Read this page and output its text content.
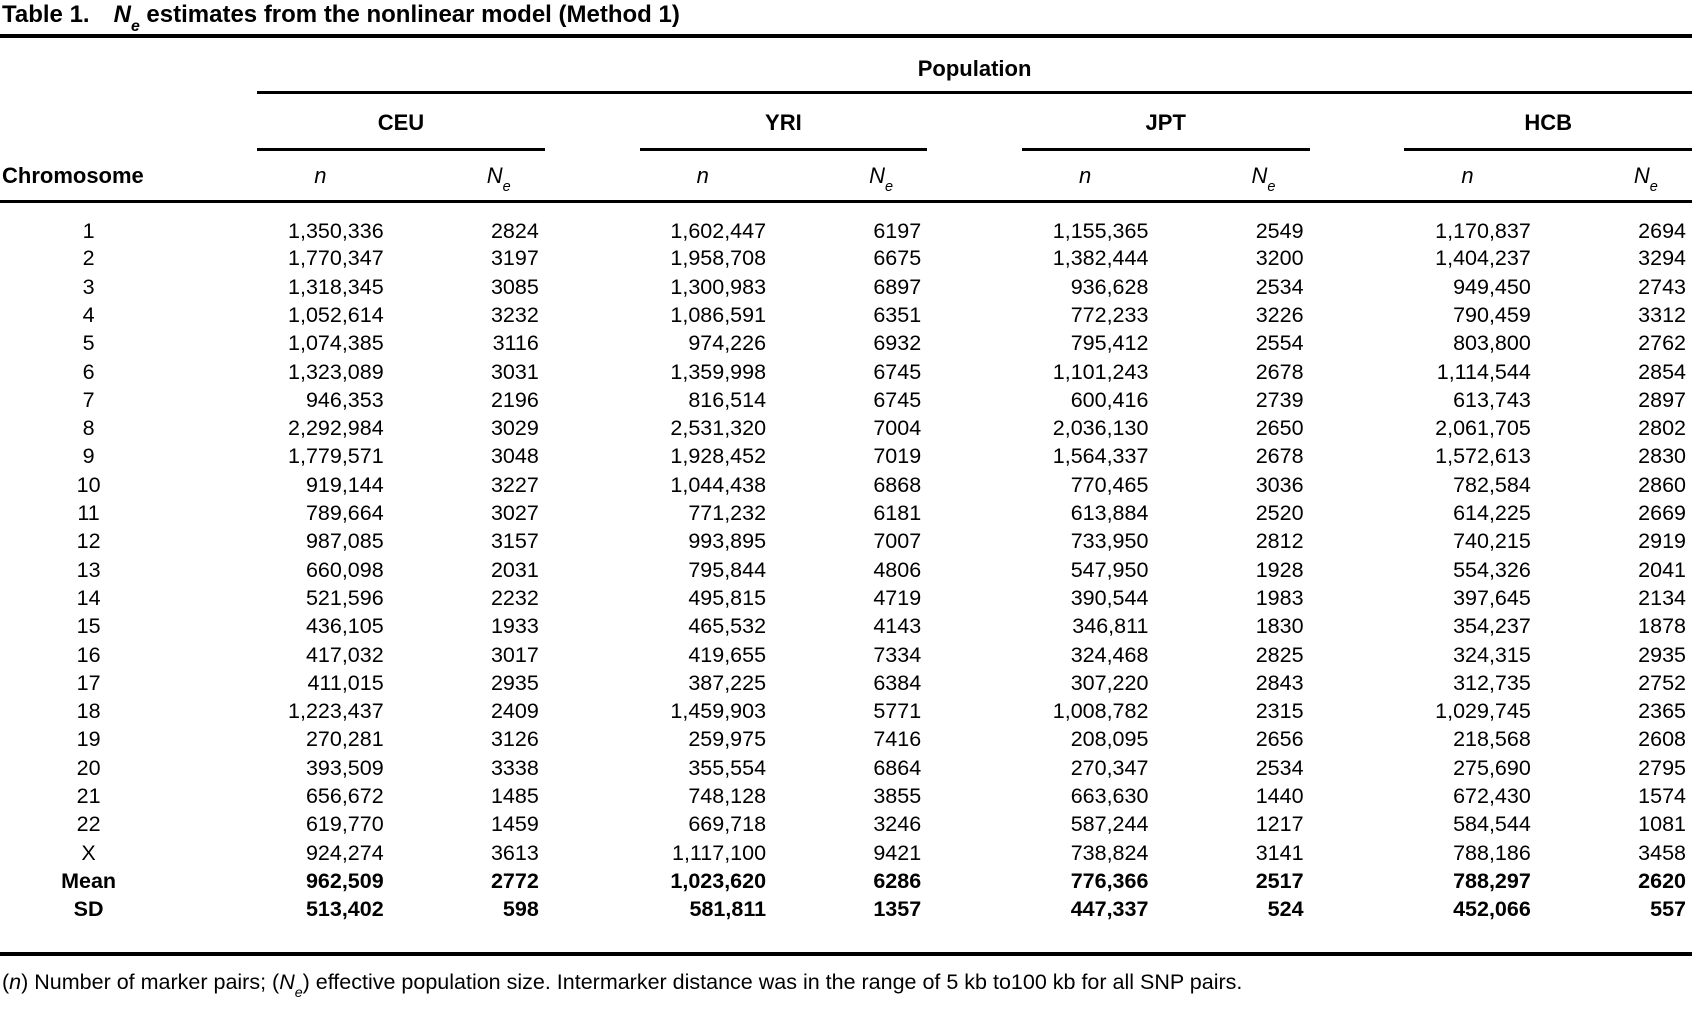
Table 1. $N_e$ estimates from the nonlinear model (Method 1)
	Population										
	CEU			YRI			JPT			HCB	
Chromosome	n	$N_e$		n	$N_e$		n	$N_e$		n	$N_e$
1	1,350,336	2824		1,602,447	6197		1,155,365	2549		1,170,837	2694
2	1,770,347	3197		1,958,708	6675		1,382,444	3200		1,404,237	3294
3	1,318,345	3085		1,300,983	6897		936,628	2534		949,450	2743
4	1,052,614	3232		1,086,591	6351		772,233	3226		790,459	3312
5	1,074,385	3116		974,226	6932		795,412	2554		803,800	2762
6	1,323,089	3031		1,359,998	6745		1,101,243	2678		1,114,544	2854
7	946,353	2196		816,514	6745		600,416	2739		613,743	2897
8	2,292,984	3029		2,531,320	7004		2,036,130	2650		2,061,705	2802
9	1,779,571	3048		1,928,452	7019		1,564,337	2678		1,572,613	2830
10	919,144	3227		1,044,438	6868		770,465	3036		782,584	2860
11	789,664	3027		771,232	6181		613,884	2520		614,225	2669
12	987,085	3157		993,895	7007		733,950	2812		740,215	2919
13	660,098	2031		795,844	4806		547,950	1928		554,326	2041
14	521,596	2232		495,815	4719		390,544	1983		397,645	2134
15	436,105	1933		465,532	4143		346,811	1830		354,237	1878
16	417,032	3017		419,655	7334		324,468	2825		324,315	2935
17	411,015	2935		387,225	6384		307,220	2843		312,735	2752
18	1,223,437	2409		1,459,903	5771		1,008,782	2315		1,029,745	2365
19	270,281	3126		259,975	7416		208,095	2656		218,568	2608
20	393,509	3338		355,554	6864		270,347	2534		275,690	2795
21	656,672	1485		748,128	3855		663,630	1440		672,430	1574
22	619,770	1459		669,718	3246		587,244	1217		584,544	1081
X	924,274	3613		1,117,100	9421		738,824	3141		788,186	3458
Mean	962,509	2772		1,023,620	6286		776,366	2517		788,297	2620
SD	513,402	598		581,811	1357		447,337	524		452,066	557
(n) Number of marker pairs; $(N_e)$ effective population size. Intermarker distance was in the range of 5 kb to100 kb for all SNP pairs.
